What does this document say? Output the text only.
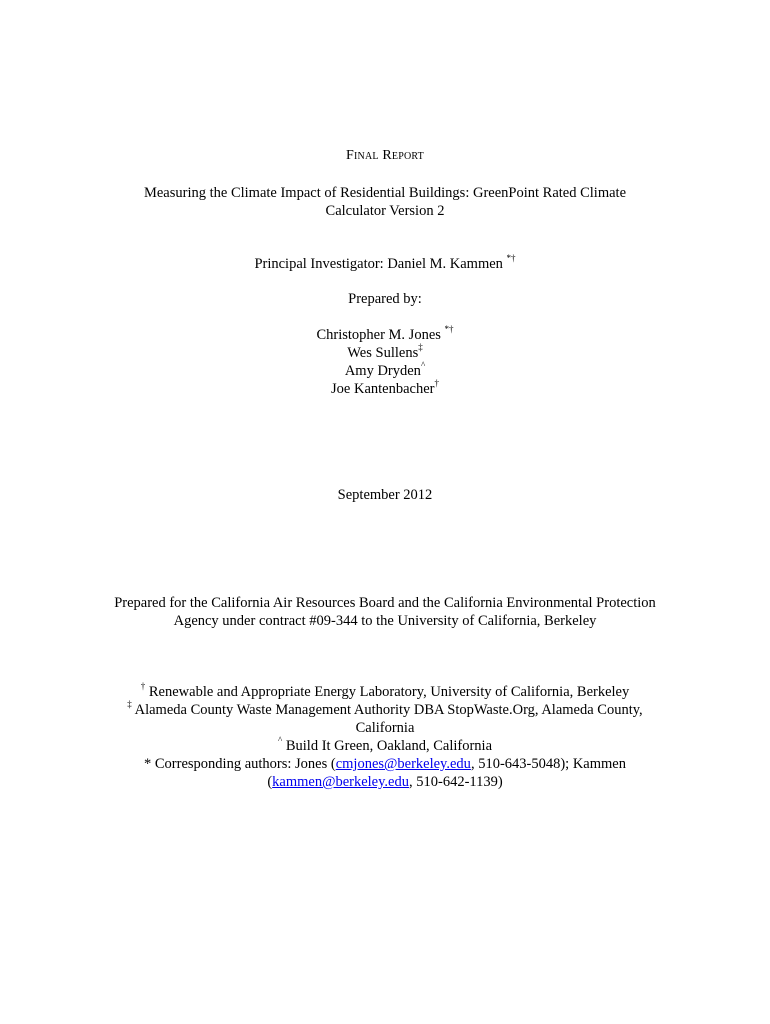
Final Report
Measuring the Climate Impact of Residential Buildings: GreenPoint Rated Climate
Calculator Version 2
Principal Investigator: Daniel M. Kammen *†
Prepared by:
Christopher M. Jones *†
Wes Sullens‡
Amy Dryden^
Joe Kantenbacher†
September 2012
Prepared for the California Air Resources Board and the California Environmental Protection
Agency under contract #09-344 to the University of California, Berkeley
† Renewable and Appropriate Energy Laboratory, University of California, Berkeley
‡ Alameda County Waste Management Authority DBA StopWaste.Org, Alameda County,
California
^ Build It Green, Oakland, California
* Corresponding authors: Jones (cmjones@berkeley.edu, 510-643-5048); Kammen
(kammen@berkeley.edu, 510-642-1139)
